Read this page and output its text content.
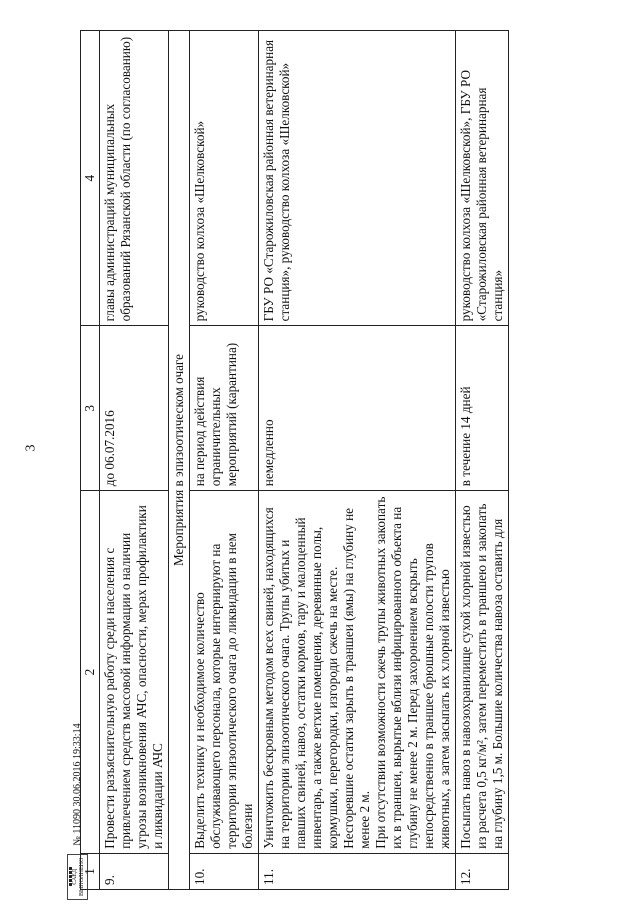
3
САЕД ВЫПОЛНЕНО
№ 11090 30.06.2016 19:33:14
1	2	3	4
9.	Провести разъяснительную работу среди населения с привлечением средств массовой информации о наличии угрозы возникновения АЧС, опасности, мерах профилактики и ликвидации АЧС	до 06.07.2016	главы администраций муниципальных образований Рязанской области (по согласованию)
Мероприятия в эпизоотическом очаге			
10.	Выделить технику и необходимое количество обслуживающего персонала, которые интернируют на территории эпизоотического очага до ликвидации в нем болезни	на период действия ограничительных мероприятий (карантина)	руководство колхоза «Шелковской»
11.	Уничтожить бескровным методом всех свиней, находящихся на территории эпизоотического очага. Трупы убитых и павших свиней, навоз, остатки кормов, тару и малоценный инвентарь, а также ветхие помещения, деревянные полы, кормушки, перегородки, изгороди сжечь на месте. Несгоревшие остатки зарыть в траншеи (ямы) на глубину не менее 2 м. При отсутствии возможности сжечь трупы животных закопать их в траншеи, вырытые вблизи инфицированного объекта на глубину не менее 2 м. Перед захоронением вскрыть непосредственно в траншее брюшные полости трупов животных, а затем засыпать их хлорной известью	немедленно	ГБУ РО «Старожиловская районная ветеринарная станция», руководство колхоза «Шелковской»
12.	Посыпать навоз в навозохранилище сухой хлорной известью из расчета 0,5 кг/м², затем переместить в траншею и закопать на глубину 1,5 м. Большие количества навоза оставить для	в течение 14 дней	руководство колхоза «Шелковской», ГБУ РО «Старожиловская районная ветеринарная станция»
